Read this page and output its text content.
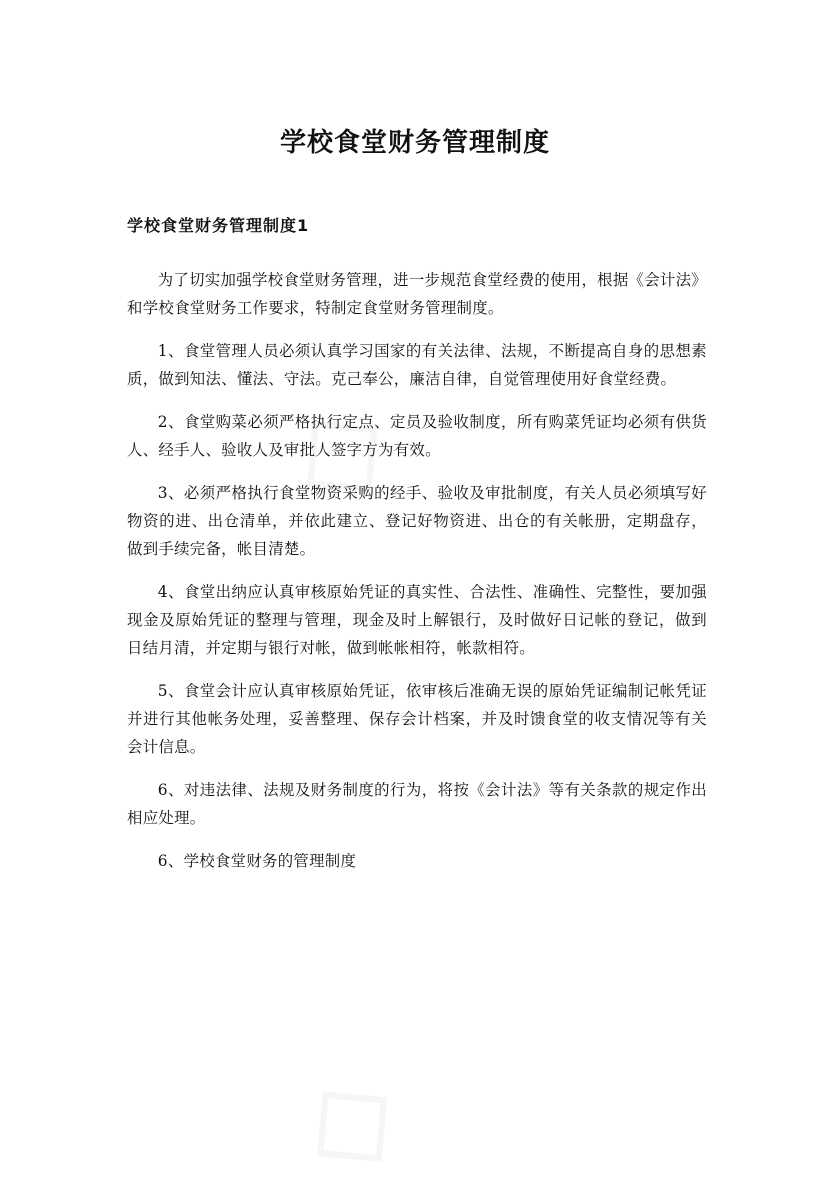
学校食堂财务管理制度
学校食堂财务管理制度1

为了切实加强学校食堂财务管理，进一步规范食堂经费的使用，根据《会计法》和学校食堂财务工作要求，特制定食堂财务管理制度。

1、食堂管理人员必须认真学习国家的有关法律、法规，不断提高自身的思想素质，做到知法、懂法、守法。克己奉公，廉洁自律，自觉管理使用好食堂经费。

2、食堂购菜必须严格执行定点、定员及验收制度，所有购菜凭证均必须有供货人、经手人、验收人及审批人签字方为有效。

3、必须严格执行食堂物资采购的经手、验收及审批制度，有关人员必须填写好物资的进、出仓清单，并依此建立、登记好物资进、出仓的有关帐册，定期盘存，做到手续完备，帐目清楚。

4、食堂出纳应认真审核原始凭证的真实性、合法性、准确性、完整性，要加强现金及原始凭证的整理与管理，现金及时上解银行，及时做好日记帐的登记，做到日结月清，并定期与银行对帐，做到帐帐相符，帐款相符。

5、食堂会计应认真审核原始凭证，依审核后准确无误的原始凭证编制记帐凭证并进行其他帐务处理，妥善整理、保存会计档案，并及时馈食堂的收支情况等有关会计信息。

6、对违法律、法规及财务制度的行为，将按《会计法》等有关条款的规定作出相应处理。

6、学校食堂财务的管理制度
